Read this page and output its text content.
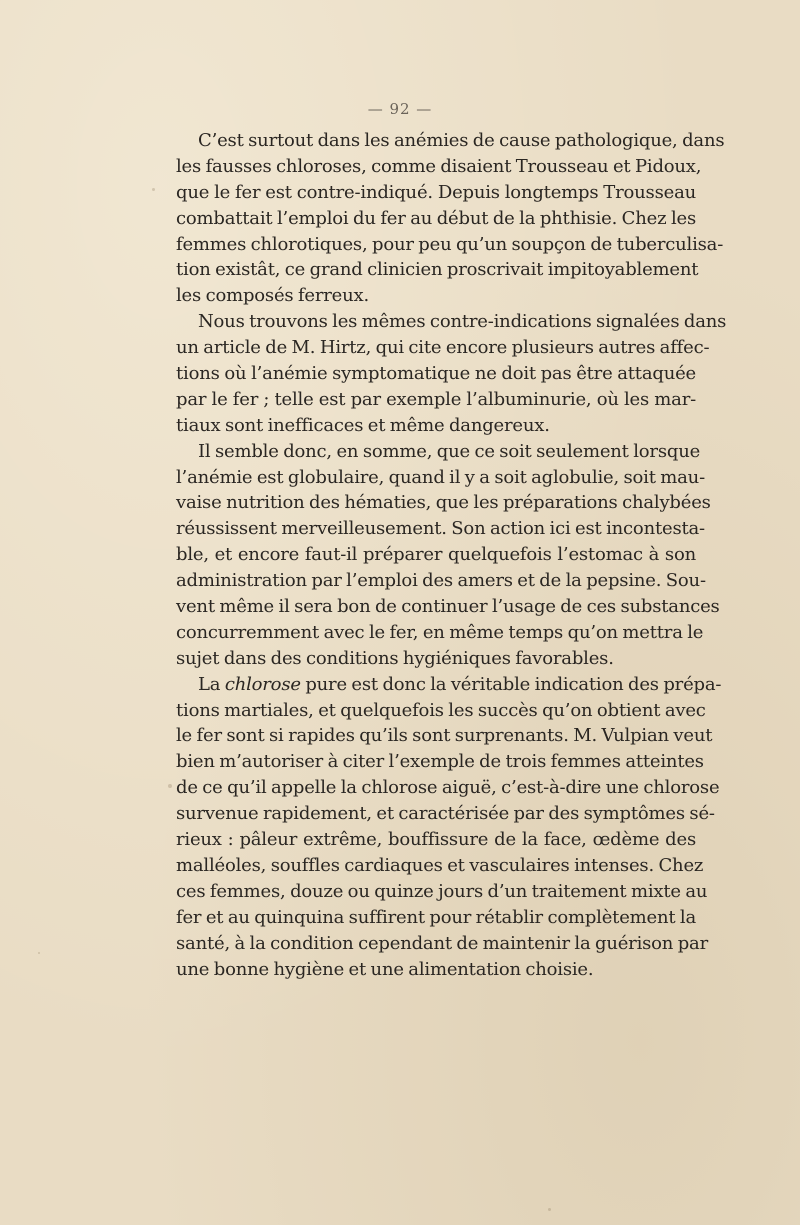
— 92 —
C’est surtout dans les anémies de cause pathologique, dans
les fausses chloroses, comme disaient Trousseau et Pidoux,
que le fer est contre-indiqué. Depuis longtemps Trousseau
combattait l’emploi du fer au début de la phthisie. Chez les
femmes chlorotiques, pour peu qu’un soupçon de tuberculisa-
tion existât, ce grand clinicien proscrivait impitoyablement
les composés ferreux.
Nous trouvons les mêmes contre-indications signalées dans
un article de M. Hirtz, qui cite encore plusieurs autres affec-
tions où l’anémie symptomatique ne doit pas être attaquée
par le fer ; telle est par exemple l’albuminurie, où les mar-
tiaux sont inefficaces et même dangereux.
Il semble donc, en somme, que ce soit seulement lorsque
l’anémie est globulaire, quand il y a soit aglobulie, soit mau-
vaise nutrition des hématies, que les préparations chalybées
réussissent merveilleusement. Son action ici est incontesta-
ble, et encore faut-il préparer quelquefois l’estomac à son
administration par l’emploi des amers et de la pepsine. Sou-
vent même il sera bon de continuer l’usage de ces substances
concurremment avec le fer, en même temps qu’on mettra le
sujet dans des conditions hygiéniques favorables.
La chlorose pure est donc la véritable indication des prépa-
tions martiales, et quelquefois les succès qu’on obtient avec
le fer sont si rapides qu’ils sont surprenants. M. Vulpian veut
bien m’autoriser à citer l’exemple de trois femmes atteintes
de ce qu’il appelle la chlorose aiguë, c’est-à-dire une chlorose
survenue rapidement, et caractérisée par des symptômes sé-
rieux : pâleur extrême, bouffissure de la face, œdème des
malléoles, souffles cardiaques et vasculaires intenses. Chez
ces femmes, douze ou quinze jours d’un traitement mixte au
fer et au quinquina suffirent pour rétablir complètement la
santé, à la condition cependant de maintenir la guérison par
une bonne hygiène et une alimentation choisie.
